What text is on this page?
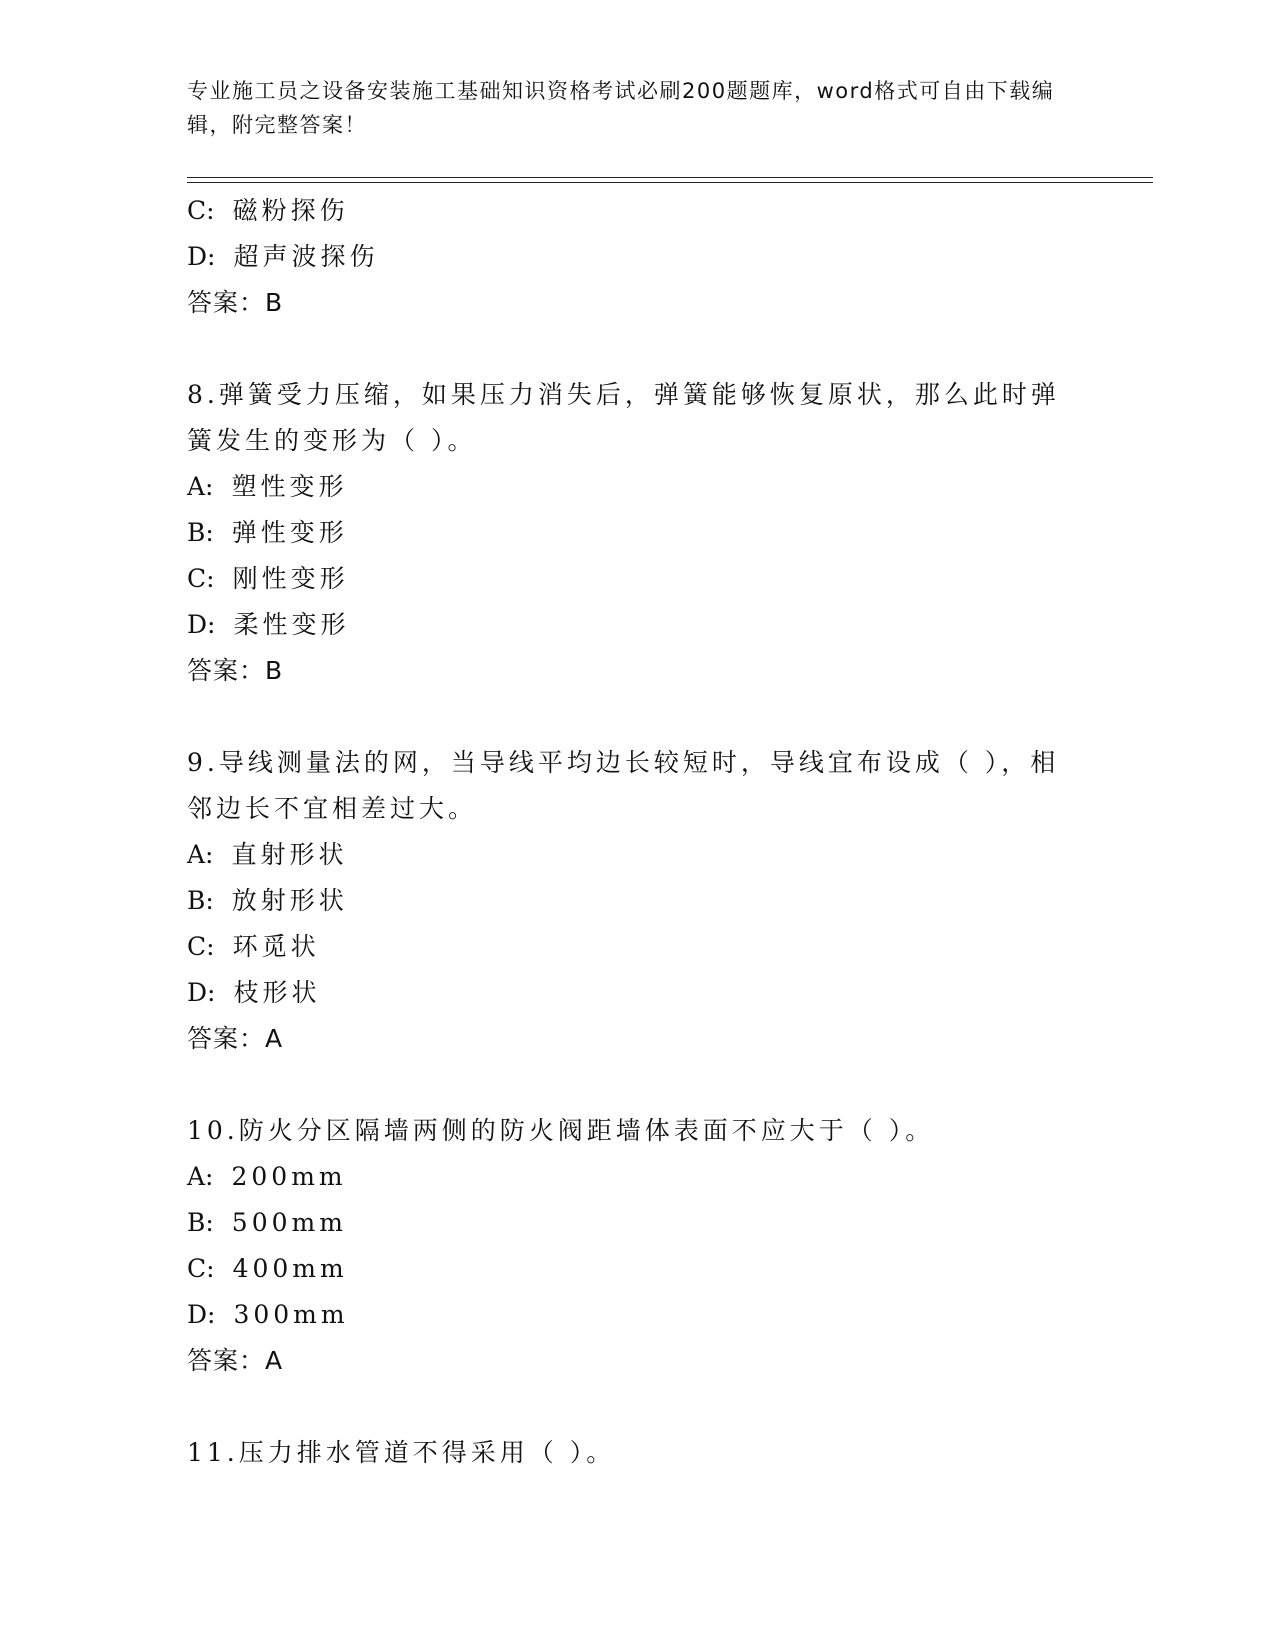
专业施工员之设备安装施工基础知识资格考试必刷200题题库，word格式可自由下载编辑，附完整答案！
C: 磁粉探伤
D: 超声波探伤
答案：B

8.弹簧受力压缩，如果压力消失后，弹簧能够恢复原状，那么此时弹簧发生的变形为（ ）。

A: 塑性变形
B: 弹性变形
C: 刚性变形
D: 柔性变形
答案：B

9.导线测量法的网，当导线平均边长较短时，导线宜布设成（ ），相邻边长不宜相差过大。

A: 直射形状
B: 放射形状
C: 环觅状
D: 枝形状
答案：A

10.防火分区隔墙两侧的防火阀距墙体表面不应大于（ ）。

A: 200mm
B: 500mm
C: 400mm
D: 300mm
答案：A

11.压力排水管道不得采用（ ）。
